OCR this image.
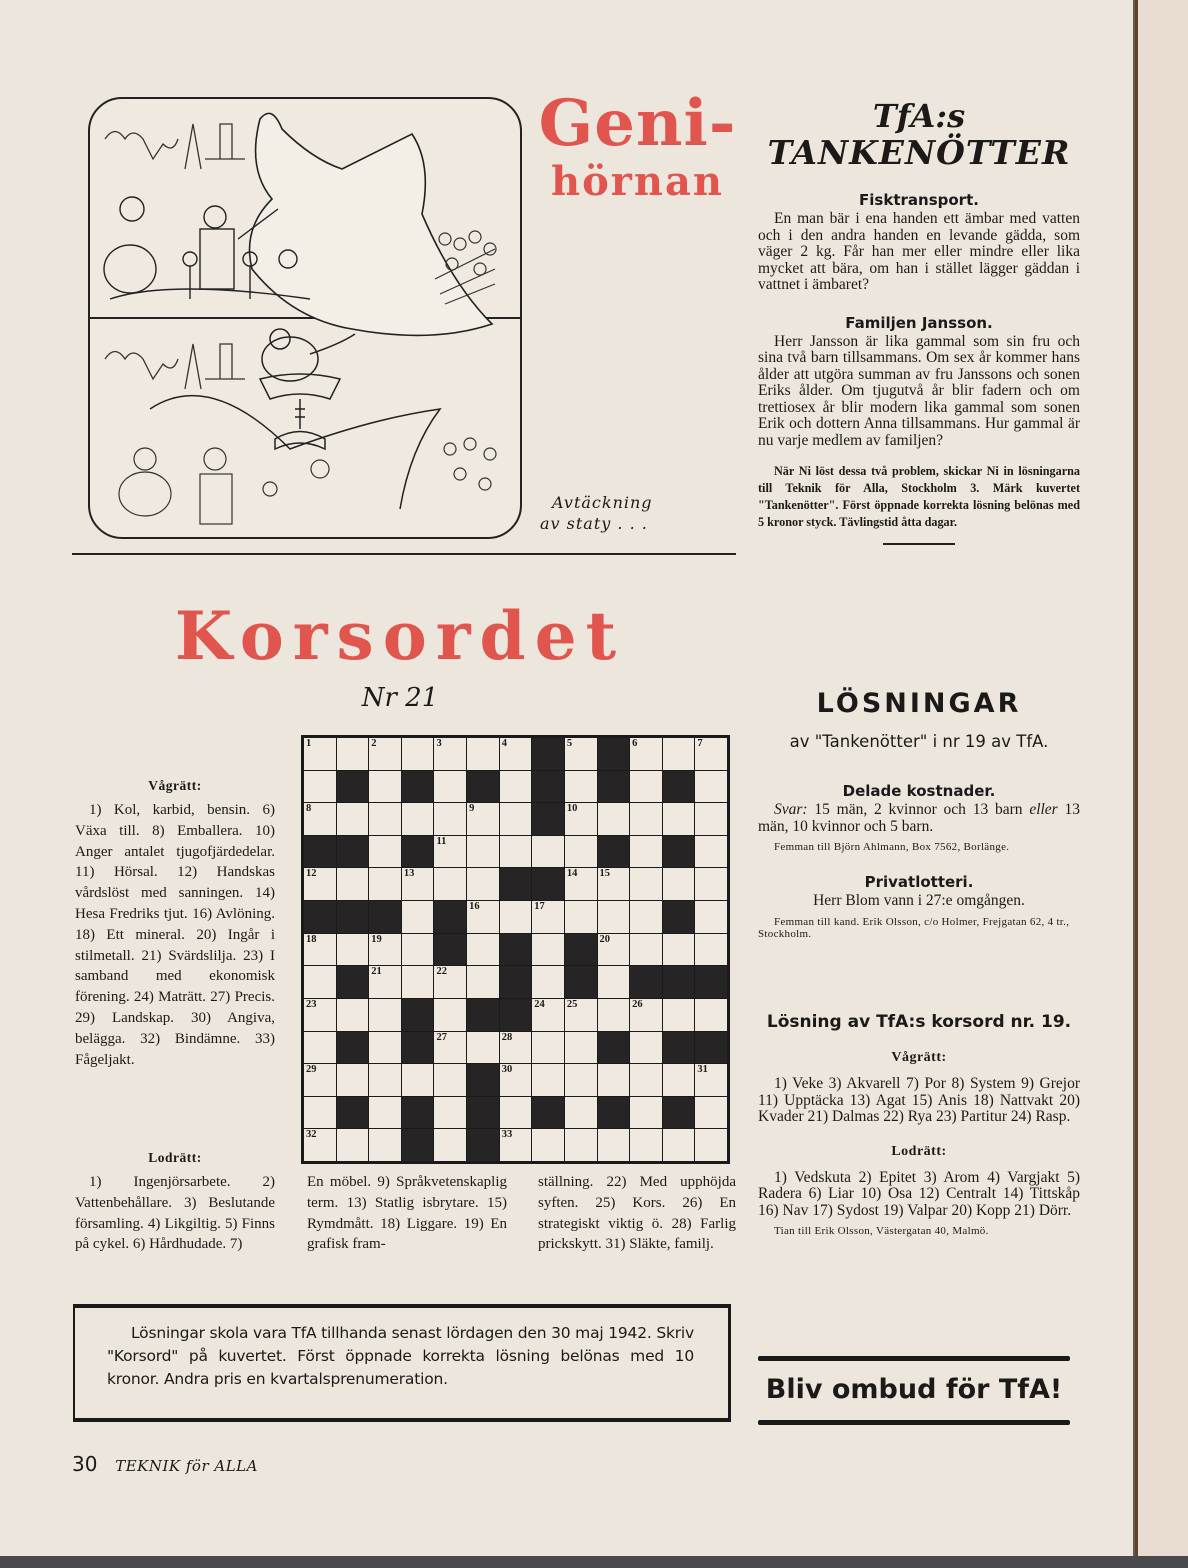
Geni-
hörnan
Avtäckning
av staty . . .
TfA:s
TANKENÖTTER
Fisktransport.

En man bär i ena handen ett ämbar med vatten och i den andra handen en levande gädda, som väger 2 kg. Får han mer eller mindre eller lika mycket att bära, om han i stället lägger gäddan i vattnet i ämbaret?

Familjen Jansson.

Herr Jansson är lika gammal som sin fru och sina två barn tillsammans. Om sex år kommer hans ålder att utgöra summan av fru Janssons och sonen Eriks ålder. Om tjugutvå år blir fadern och om trettiosex år blir modern lika gammal som sonen Erik och dottern Anna tillsammans. Hur gammal är nu varje medlem av familjen?

När Ni löst dessa två problem, skickar Ni in lösningarna till Teknik för Alla, Stockholm 3. Märk kuvertet "Tankenötter". Först öppnade korrekta lösning belönas med 5 kronor styck. Tävlingstid åtta dagar.

LÖSNINGAR
av "Tankenötter" i nr 19 av TfA.
Delade kostnader.

Svar: 15 män, 2 kvinnor och 13 barn eller 13 män, 10 kvinnor och 5 barn.

Femman till Björn Ahlmann, Box 7562, Borlänge.

Privatlotteri.

Herr Blom vann i 27:e omgången.

Femman till kand. Erik Olsson, c/o Holmer, Frejgatan 62, 4 tr., Stockholm.

Lösning av TfA:s korsord nr. 19.
Vågrätt:

1) Veke 3) Akvarell 7) Por 8) System 9) Grejor 11) Upptäcka 13) Agat 15) Anis 18) Nattvakt 20) Kvader 21) Dalmas 22) Rya 23) Partitur 24) Rasp.

Lodrätt:

1) Vedskuta 2) Epitet 3) Arom 4) Vargjakt 5) Radera 6) Liar 10) Osa 12) Centralt 14) Tittskåp 16) Nav 17) Sydost 19) Valpar 20) Kopp 21) Dörr.

Tian till Erik Olsson, Västergatan 40, Malmö.

Bliv ombud för TfA!
Korsordet
Nr 21
Vågrätt:

1) Kol, karbid, bensin. 6) Växa till. 8) Emballera. 10) Anger antalet tjugofjärdedelar. 11) Hörsal. 12) Handskas vårdslöst med sanningen. 14) Hesa Fredriks tjut. 16) Avlöning. 18) Ett mineral. 20) Ingår i stilmetall. 21) Svärdslilja. 23) I samband med ekonomisk förening. 24) Maträtt. 27) Precis. 29) Landskap. 30) Angiva, belägga. 32) Bindämne. 33) Fågeljakt.

1	2	3	4	5	6	7
8	9	10
11
12	13	14 15
16	17
18	19	20
21	22
23	24 25	26
27	28
29	30	31
32	33
Lodrätt:

1) Ingenjörsarbete. 2) Vattenbehållare. 3) Beslutande församling. 4) Likgiltig. 5) Finns på cykel. 6) Hårdhudade. 7)

En möbel. 9) Språkvetenskaplig term. 13) Statlig isbrytare. 15) Rymdmått. 18) Liggare. 19) En grafisk fram-

ställning. 22) Med upphöjda syften. 25) Kors. 26) En strategiskt viktig ö. 28) Farlig prickskytt. 31) Släkte, familj.

Lösningar skola vara TfA tillhanda senast lördagen den 30 maj 1942. Skriv "Korsord" på kuvertet. Först öppnade korrekta lösning belönas med 10 kronor. Andra pris en kvartalsprenumeration.

30 TEKNIK för ALLA
